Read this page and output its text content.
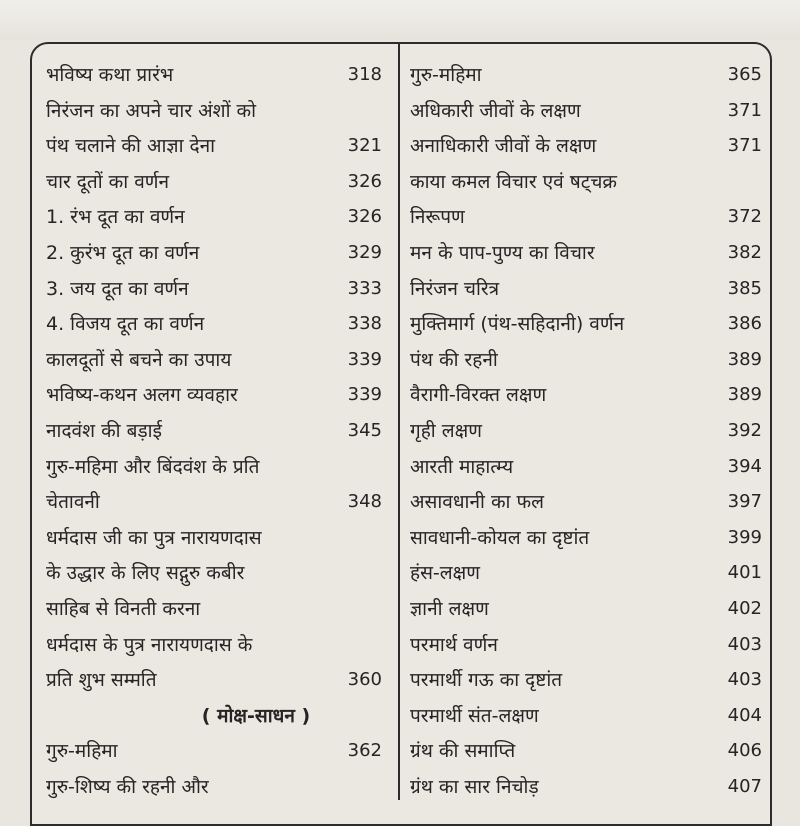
भविष्य कथा प्रारंभ	318
निरंजन का अपने चार अंशों को
पंथ चलाने की आज्ञा देना	321
चार दूतों का वर्णन	326
1. रंभ दूत का वर्णन	326
2. कुरंभ दूत का वर्णन	329
3. जय दूत का वर्णन	333
4. विजय दूत का वर्णन	338
कालदूतों से बचने का उपाय	339
भविष्य-कथन अलग व्यवहार	339
नादवंश की बड़ाई	345
गुरु-महिमा और बिंदवंश के प्रति
चेतावनी	348
धर्मदास जी का पुत्र नारायणदास
के उद्धार के लिए सद्गुरु कबीर
साहिब से विनती करना
धर्मदास के पुत्र नारायणदास के
प्रति शुभ सम्मति	360
( मोक्ष-साधन )
गुरु-महिमा	362
गुरु-शिष्य की रहनी और
गुरु-महिमा	365
अधिकारी जीवों के लक्षण	371
अनाधिकारी जीवों के लक्षण	371
काया कमल विचार एवं षट्चक्र
निरूपण	372
मन के पाप-पुण्य का विचार	382
निरंजन चरित्र	385
मुक्तिमार्ग (पंथ-सहिदानी) वर्णन	386
पंथ की रहनी	389
वैरागी-विरक्त लक्षण	389
गृही लक्षण	392
आरती माहात्म्य	394
असावधानी का फल	397
सावधानी-कोयल का दृष्टांत	399
हंस-लक्षण	401
ज्ञानी लक्षण	402
परमार्थ वर्णन	403
परमार्थी गऊ का दृष्टांत	403
परमार्थी संत-लक्षण	404
ग्रंथ की समाप्ति	406
ग्रंथ का सार निचोड़	407
